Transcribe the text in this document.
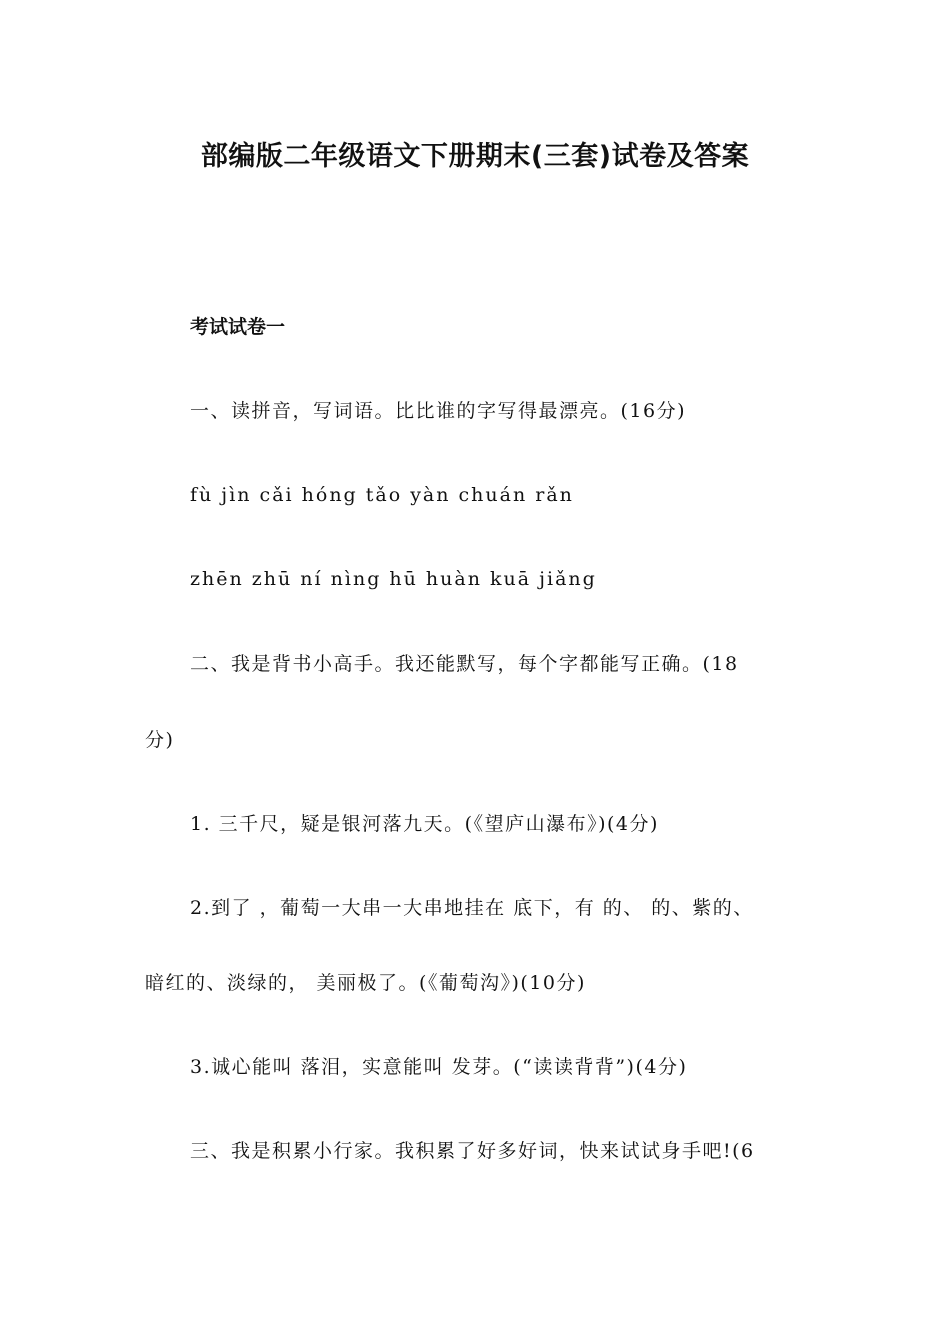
部编版二年级语文下册期末(三套)试卷及答案
考试试卷一
一、读拼音，写词语。比比谁的字写得最漂亮。(16分)
fù jìn cǎi hóng tǎo yàn chuán rǎn
zhēn zhū ní nìng hū huàn kuā jiǎng
二、我是背书小高手。我还能默写，每个字都能写正确。(18
分)
1. 三千尺，疑是银河落九天。(《望庐山瀑布》)(4分)
2.到了 ，葡萄一大串一大串地挂在 底下，有 的、 的、紫的、
暗红的、淡绿的， 美丽极了。(《葡萄沟》)(10分)
3.诚心能叫 落泪，实意能叫 发芽。(“读读背背”)(4分)
三、我是积累小行家。我积累了好多好词，快来试试身手吧!(6
